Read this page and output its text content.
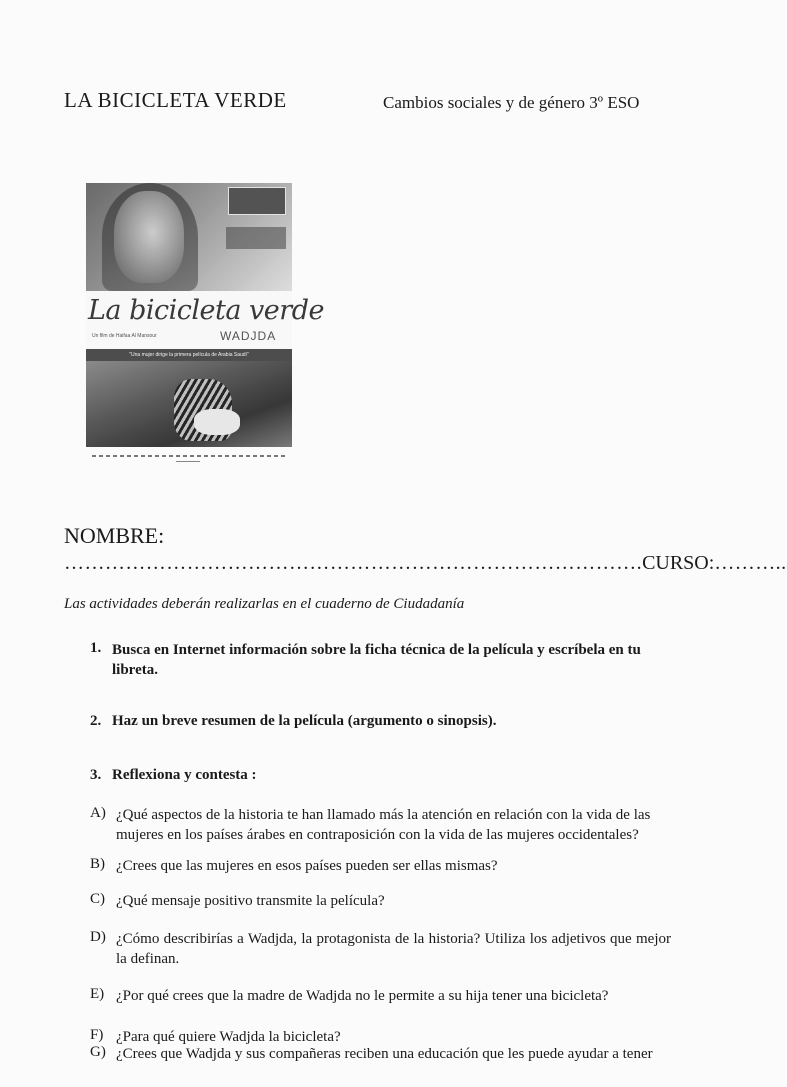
LA BICICLETA VERDE	Cambios sociales y de género 3º ESO
La bicicleta verde
Un film de Haifaa Al Mansour	WADJDA
"Una mujer dirige la primera película de Arabia Saudí"
NOMBRE:
………………………………………………………………………….CURSO:………..
Las actividades deberán realizarlas en el cuaderno de Ciudadanía
1. Busca en Internet información sobre la ficha técnica de la película y escríbela en tu libreta.
2. Haz un breve resumen de la película (argumento o sinopsis).
3. Reflexiona y contesta :
A) ¿Qué aspectos de la historia te han llamado más la atención en relación con la vida de las mujeres en los países árabes en contraposición con la vida de las mujeres occidentales?
B) ¿Crees que las mujeres en esos países pueden ser ellas mismas?
C) ¿Qué mensaje positivo transmite la película?
D) ¿Cómo describirías a Wadjda, la protagonista de la historia? Utiliza los adjetivos que mejor la definan.
E) ¿Por qué crees que la madre de Wadjda no le permite a su hija tener una bicicleta?
F) ¿Para qué quiere Wadjda la bicicleta?
G) ¿Crees que Wadjda y sus compañeras reciben una educación que les puede ayudar a tener
